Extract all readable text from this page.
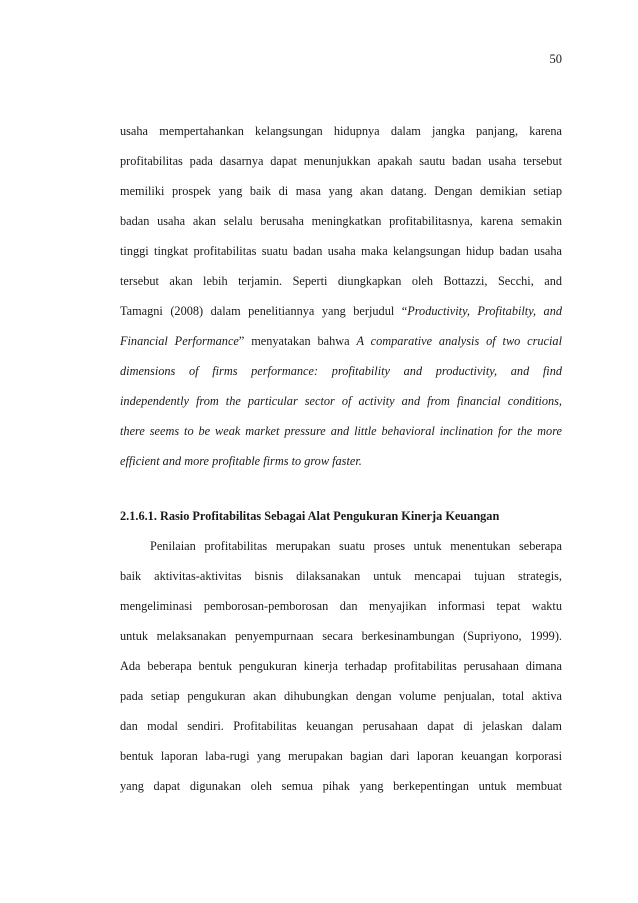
50
usaha mempertahankan kelangsungan hidupnya dalam jangka panjang, karena
profitabilitas pada dasarnya dapat menunjukkan apakah sautu badan usaha tersebut
memiliki prospek yang baik di masa yang akan datang. Dengan demikian setiap
badan usaha akan selalu berusaha meningkatkan profitabilitasnya, karena semakin
tinggi tingkat profitabilitas suatu badan usaha maka kelangsungan hidup badan usaha
tersebut akan lebih terjamin. Seperti diungkapkan oleh Bottazzi, Secchi, and
Tamagni (2008) dalam penelitiannya yang berjudul “Productivity, Profitabilty, and
Financial Performance” menyatakan bahwa A comparative analysis of two crucial
dimensions of firms performance: profitability and productivity, and find
independently from the particular sector of activity and from financial conditions,
there seems to be weak market pressure and little behavioral inclination for the more
efficient and more profitable firms to grow faster.
2.1.6.1. Rasio Profitabilitas Sebagai Alat Pengukuran Kinerja Keuangan
Penilaian profitabilitas merupakan suatu proses untuk menentukan seberapa
baik aktivitas-aktivitas bisnis dilaksanakan untuk mencapai tujuan strategis,
mengeliminasi pemborosan-pemborosan dan menyajikan informasi tepat waktu
untuk melaksanakan penyempurnaan secara berkesinambungan (Supriyono, 1999).
Ada beberapa bentuk pengukuran kinerja terhadap profitabilitas perusahaan dimana
pada setiap pengukuran akan dihubungkan dengan volume penjualan, total aktiva
dan modal sendiri. Profitabilitas keuangan perusahaan dapat di jelaskan dalam
bentuk laporan laba-rugi yang merupakan bagian dari laporan keuangan korporasi
yang dapat digunakan oleh semua pihak yang berkepentingan untuk membuat
